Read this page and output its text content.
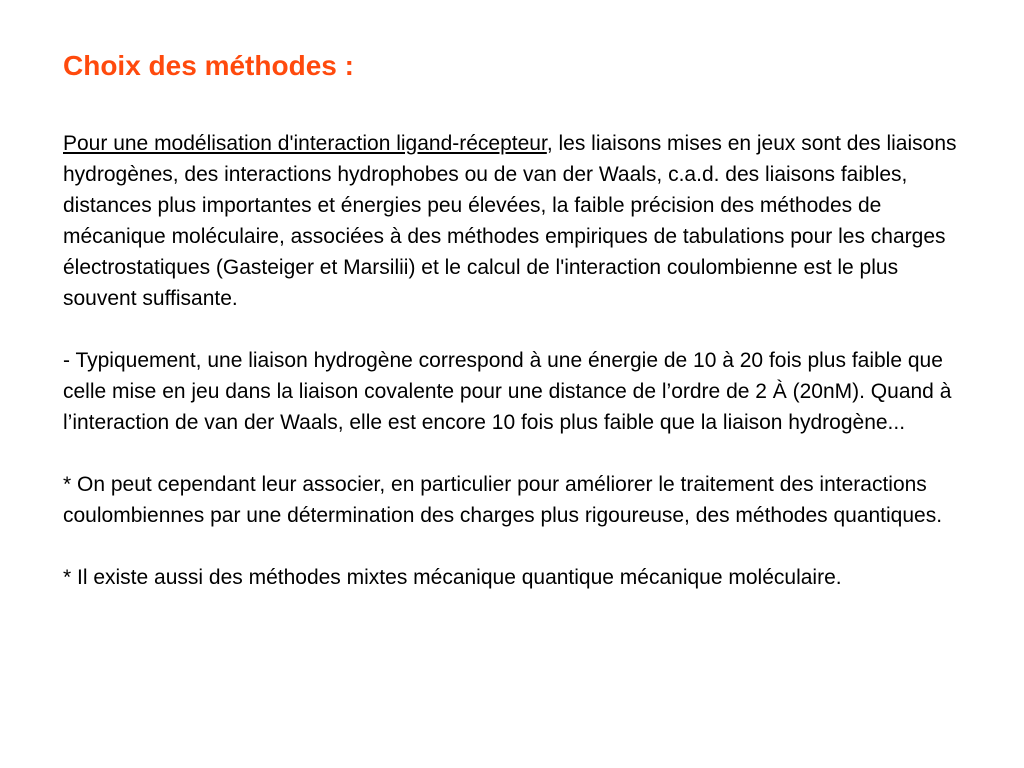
Choix des méthodes :

Pour une modélisation d'interaction ligand-récepteur, les liaisons mises en jeux sont des liaisons hydrogènes, des interactions hydrophobes ou de van der Waals, c.a.d. des liaisons faibles, distances plus importantes et énergies peu élevées, la faible précision des méthodes de mécanique moléculaire, associées à des méthodes empiriques de tabulations pour les charges électrostatiques (Gasteiger et Marsilii) et le calcul de l'interaction coulombienne est le plus souvent suffisante.

- Typiquement, une liaison hydrogène correspond à une énergie de 10 à 20 fois plus faible que celle mise en jeu dans la liaison covalente pour une distance de l’ordre de 2 À (20nM). Quand à l’interaction de van der Waals, elle est encore 10 fois plus faible que la liaison hydrogène...

* On peut cependant leur associer, en particulier pour améliorer le traitement des interactions coulombiennes par une détermination des charges plus rigoureuse, des méthodes quantiques.

* Il existe aussi des méthodes mixtes mécanique quantique mécanique moléculaire.
